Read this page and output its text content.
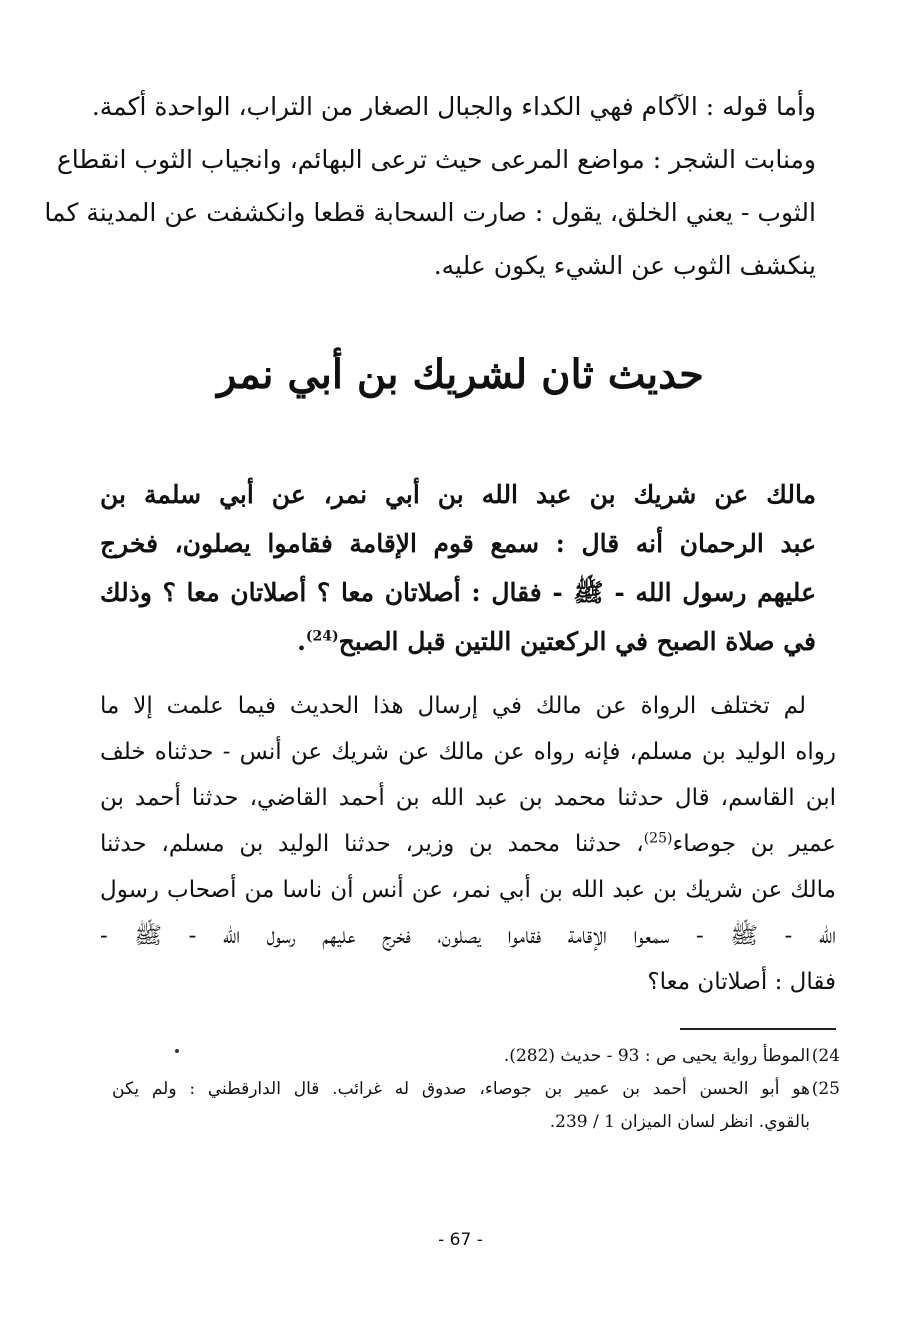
وأما قوله : الآكام فهي الكداء والجبال الصغار من التراب، الواحدة أكمة.
ومنابت الشجر : مواضع المرعى حيث ترعى البهائم، وانجياب الثوب انقطاع
الثوب - يعني الخلق، يقول : صارت السحابة قطعا وانكشفت عن المدينة كما
ينكشف الثوب عن الشيء يكون عليه.
حديث ثان لشريك بن أبي نمر
مالك عن شريك بن عبد الله بن أبي نمر، عن أبي سلمة بن
عبد الرحمان أنه قال : سمع قوم الإقامة فقاموا يصلون، فخرج
عليهم رسول الله - ﷺ - فقال : أصلاتان معا ؟ أصلاتان معا ؟ وذلك
في صلاة الصبح في الركعتين اللتين قبل الصبح$^{(24)}$.
لم تختلف الرواة عن مالك في إرسال هذا الحديث فيما علمت إلا ما
رواه الوليد بن مسلم، فإنه رواه عن مالك عن شريك عن أنس - حدثناه خلف
ابن القاسم، قال حدثنا محمد بن عبد الله بن أحمد القاضي، حدثنا أحمد بن
عمير بن جوصاء$^{(25)}$، حدثنا محمد بن وزير، حدثنا الوليد بن مسلم، حدثنا
مالك عن شريك بن عبد الله بن أبي نمر، عن أنس أن ناسا من أصحاب رسول
الله - ﷺ - سمعوا الإقامة فقاموا يصلون، فخرج عليهم رسول الله - ﷺ -
فقال : أصلاتان معا؟
24)الموطأ رواية يحيى ص : 93 - حديث (282).
25)هو أبو الحسن أحمد بن عمير بن جوصاء، صدوق له غرائب. قال الدارقطني : ولم يكن
بالقوي. انظر لسان الميزان 1 / 239.
- 67 -
